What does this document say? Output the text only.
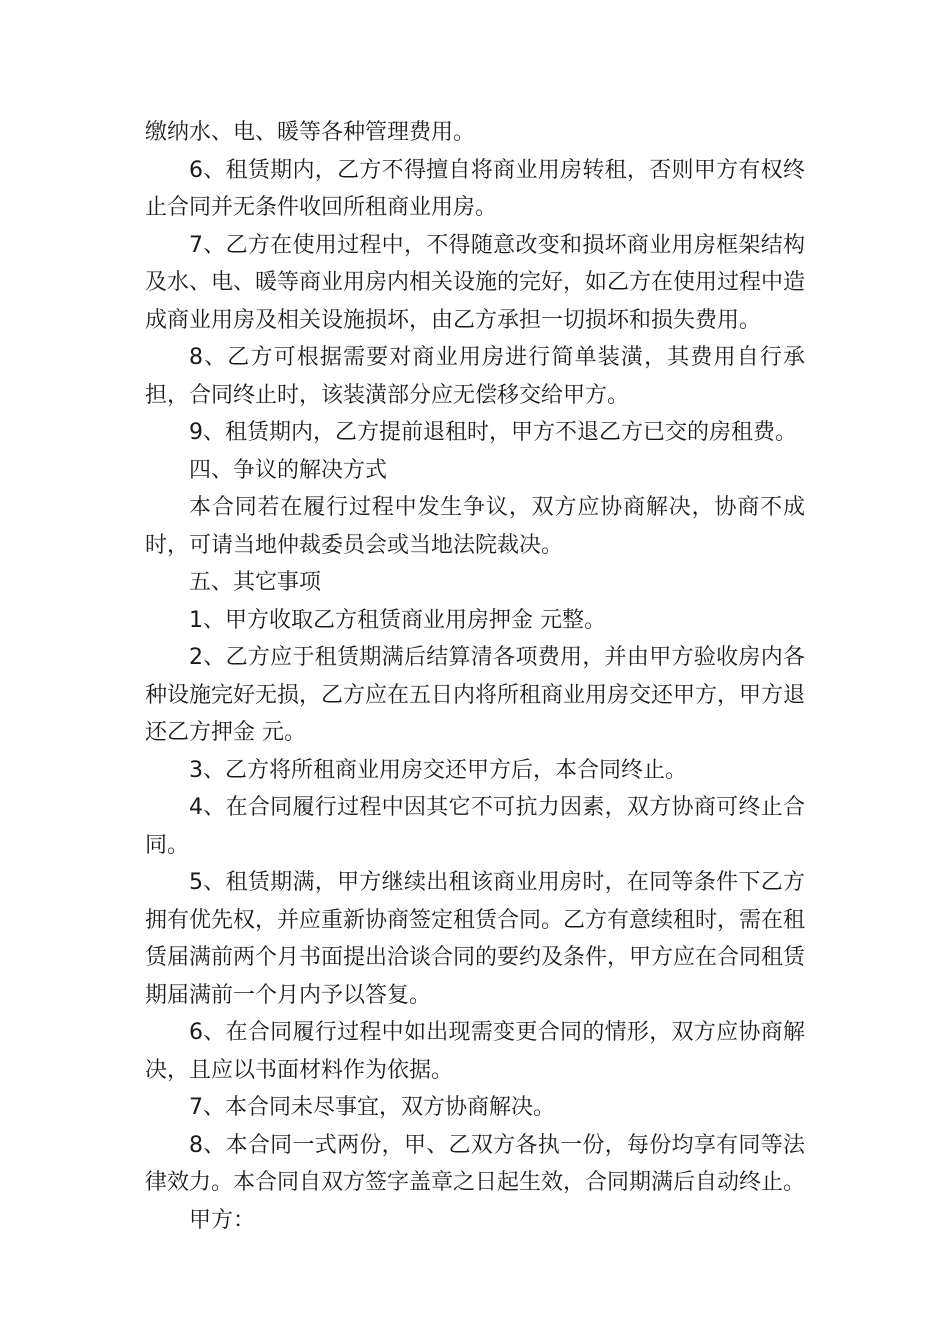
缴纳水、电、暖等各种管理费用。

6、租赁期内，乙方不得擅自将商业用房转租，否则甲方有权终止合同并无条件收回所租商业用房。

7、乙方在使用过程中，不得随意改变和损坏商业用房框架结构及水、电、暖等商业用房内相关设施的完好，如乙方在使用过程中造成商业用房及相关设施损坏，由乙方承担一切损坏和损失费用。

8、乙方可根据需要对商业用房进行简单装潢，其费用自行承担，合同终止时，该装潢部分应无偿移交给甲方。

9、租赁期内，乙方提前退租时，甲方不退乙方已交的房租费。

四、争议的解决方式

本合同若在履行过程中发生争议，双方应协商解决，协商不成时，可请当地仲裁委员会或当地法院裁决。

五、其它事项

1、甲方收取乙方租赁商业用房押金 元整。

2、乙方应于租赁期满后结算清各项费用，并由甲方验收房内各种设施完好无损，乙方应在五日内将所租商业用房交还甲方，甲方退还乙方押金 元。

3、乙方将所租商业用房交还甲方后，本合同终止。

4、在合同履行过程中因其它不可抗力因素，双方协商可终止合同。

5、租赁期满，甲方继续出租该商业用房时，在同等条件下乙方拥有优先权，并应重新协商签定租赁合同。乙方有意续租时，需在租赁届满前两个月书面提出洽谈合同的要约及条件，甲方应在合同租赁期届满前一个月内予以答复。

6、在合同履行过程中如出现需变更合同的情形，双方应协商解决，且应以书面材料作为依据。

7、本合同未尽事宜，双方协商解决。

8、本合同一式两份，甲、乙双方各执一份，每份均享有同等法律效力。本合同自双方签字盖章之日起生效，合同期满后自动终止。

甲方：
